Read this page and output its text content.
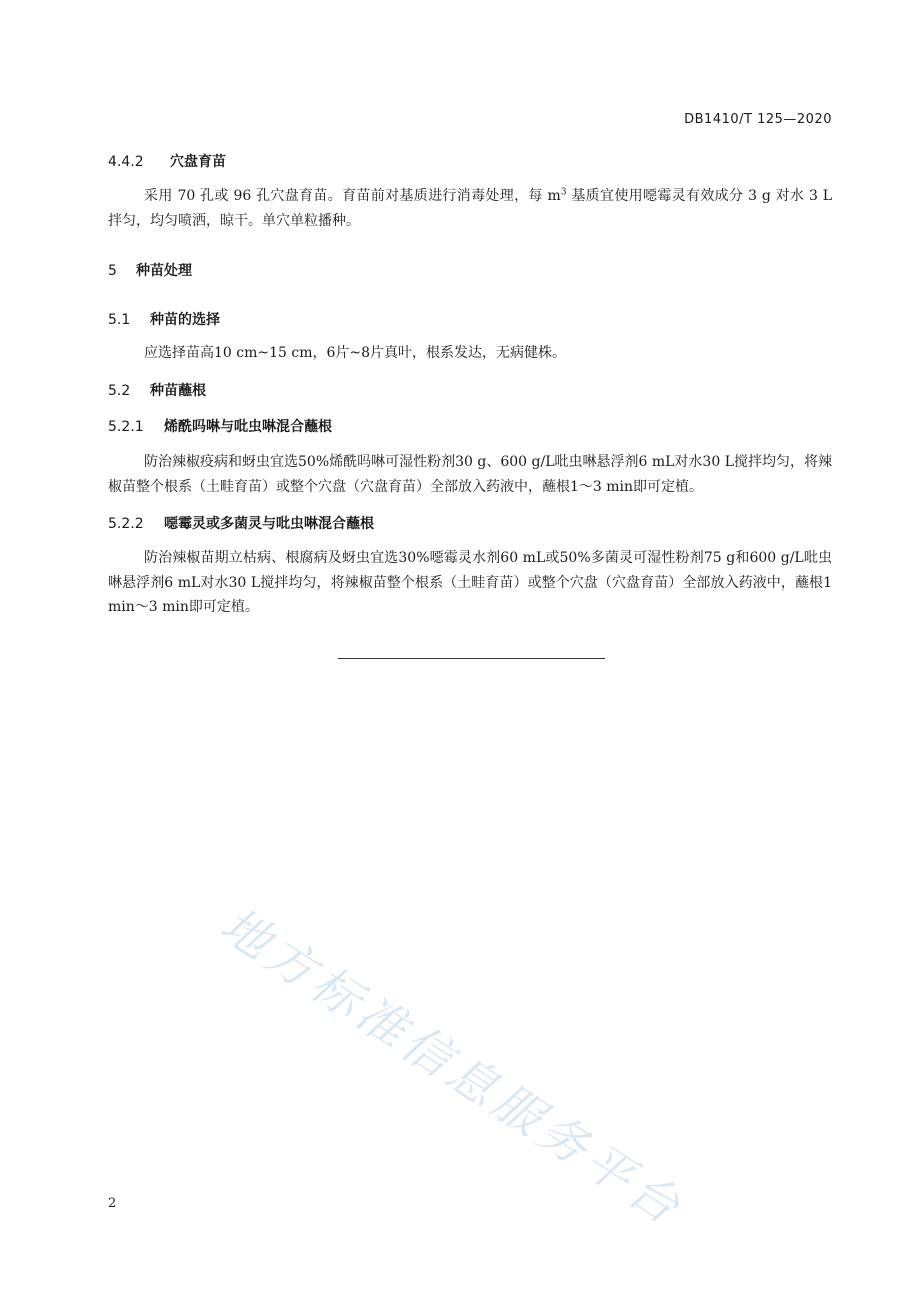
DB1410/T 125—2020
4.4.2 穴盘育苗
采用 70 孔或 96 孔穴盘育苗。育苗前对基质进行消毒处理，每 $m^3$ 基质宜使用噁霉灵有效成分 3 g 对水 3 L 拌匀，均匀喷洒，晾干。单穴单粒播种。
5 种苗处理
5.1 种苗的选择
应选择苗高10 cm~15 cm，6片~8片真叶，根系发达，无病健株。
5.2 种苗蘸根
5.2.1 烯酰吗啉与吡虫啉混合蘸根
防治辣椒疫病和蚜虫宜选50%烯酰吗啉可湿性粉剂30 g、600 g/L吡虫啉悬浮剂6 mL对水30 L搅拌均匀，将辣椒苗整个根系（土畦育苗）或整个穴盘（穴盘育苗）全部放入药液中，蘸根1～3 min即可定植。
5.2.2 噁霉灵或多菌灵与吡虫啉混合蘸根
防治辣椒苗期立枯病、根腐病及蚜虫宜选30%噁霉灵水剂60 mL或50%多菌灵可湿性粉剂75 g和600 g/L吡虫啉悬浮剂6 mL对水30 L搅拌均匀，将辣椒苗整个根系（土畦育苗）或整个穴盘（穴盘育苗）全部放入药液中，蘸根1 min～3 min即可定植。
地方标准信息服务平台
2
